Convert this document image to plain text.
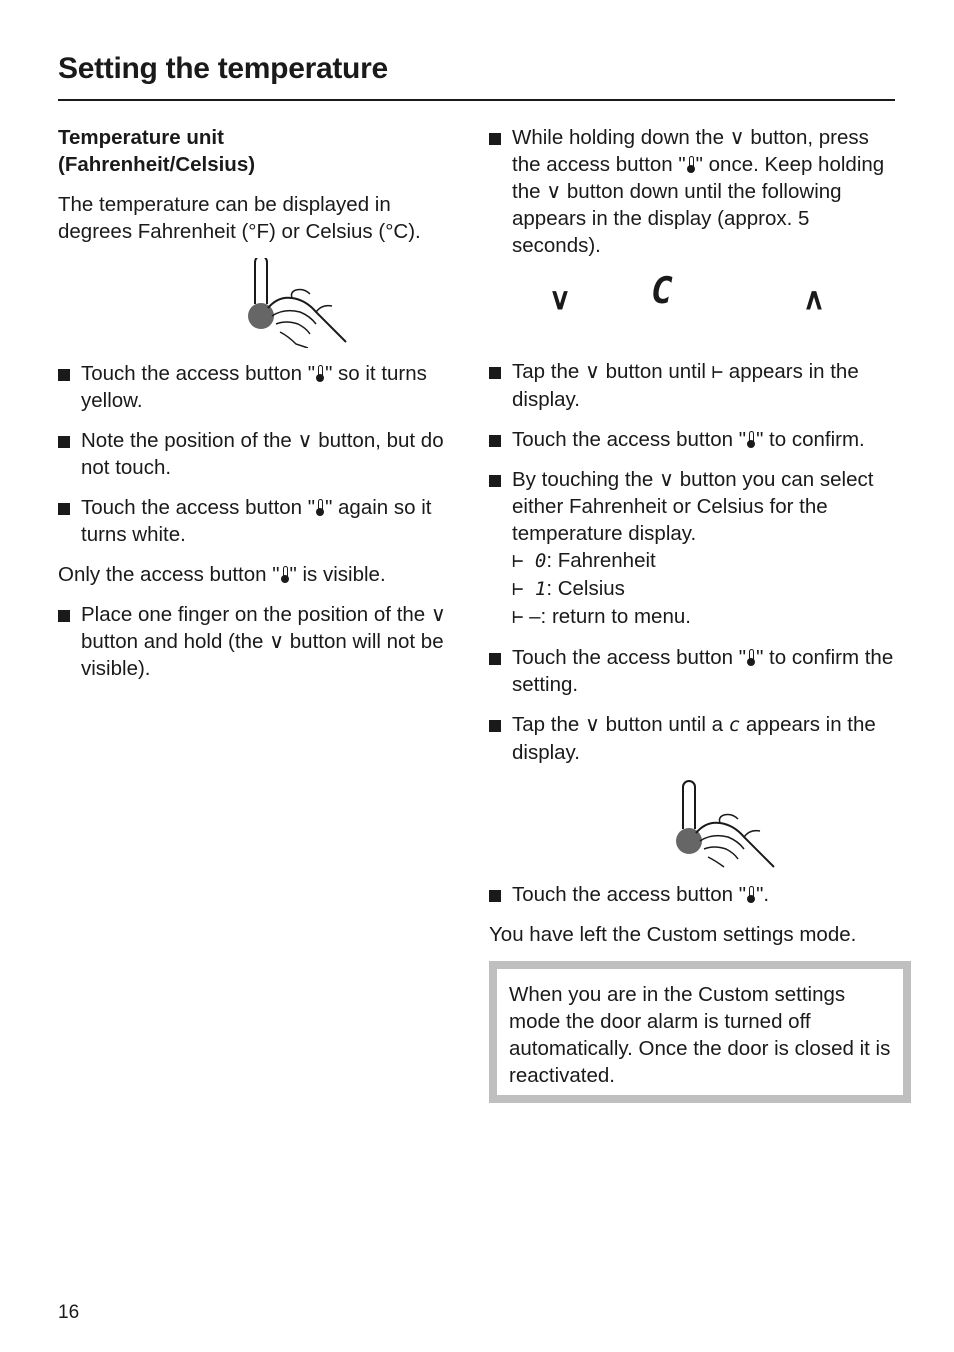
Setting the temperature
Temperature unit
(Fahrenheit/Celsius)

The temperature can be displayed in degrees Fahrenheit (°F) or Celsius (°C).

Touch the access button " " so it turns yellow.
Note the position of the ∨ button, but do not touch.
Touch the access button " " again so it turns white.

Only the access button " " is visible.

Place one finger on the position of the ∨ button and hold (the ∨ button will not be visible).
While holding down the ∨ button, press the access button " " once. Keep holding the ∨ button down until the following appears in the display (approx. 5 seconds).
∨ C	∧
Tap the ∨ button until ⊢ appears in the display.
Touch the access button " " to confirm.
By touching the ∨ button you can select either Fahrenheit or Celsius for the temperature display.
⊢ 0: Fahrenheit
⊢ 1: Celsius
⊢ –: return to menu.
Touch the access button " " to confirm the setting.
Tap the ∨ button until a c appears in the display.
Touch the access button " ".

You have left the Custom settings mode.

When you are in the Custom settings mode the door alarm is turned off automatically. Once the door is closed it is reactivated.

16
